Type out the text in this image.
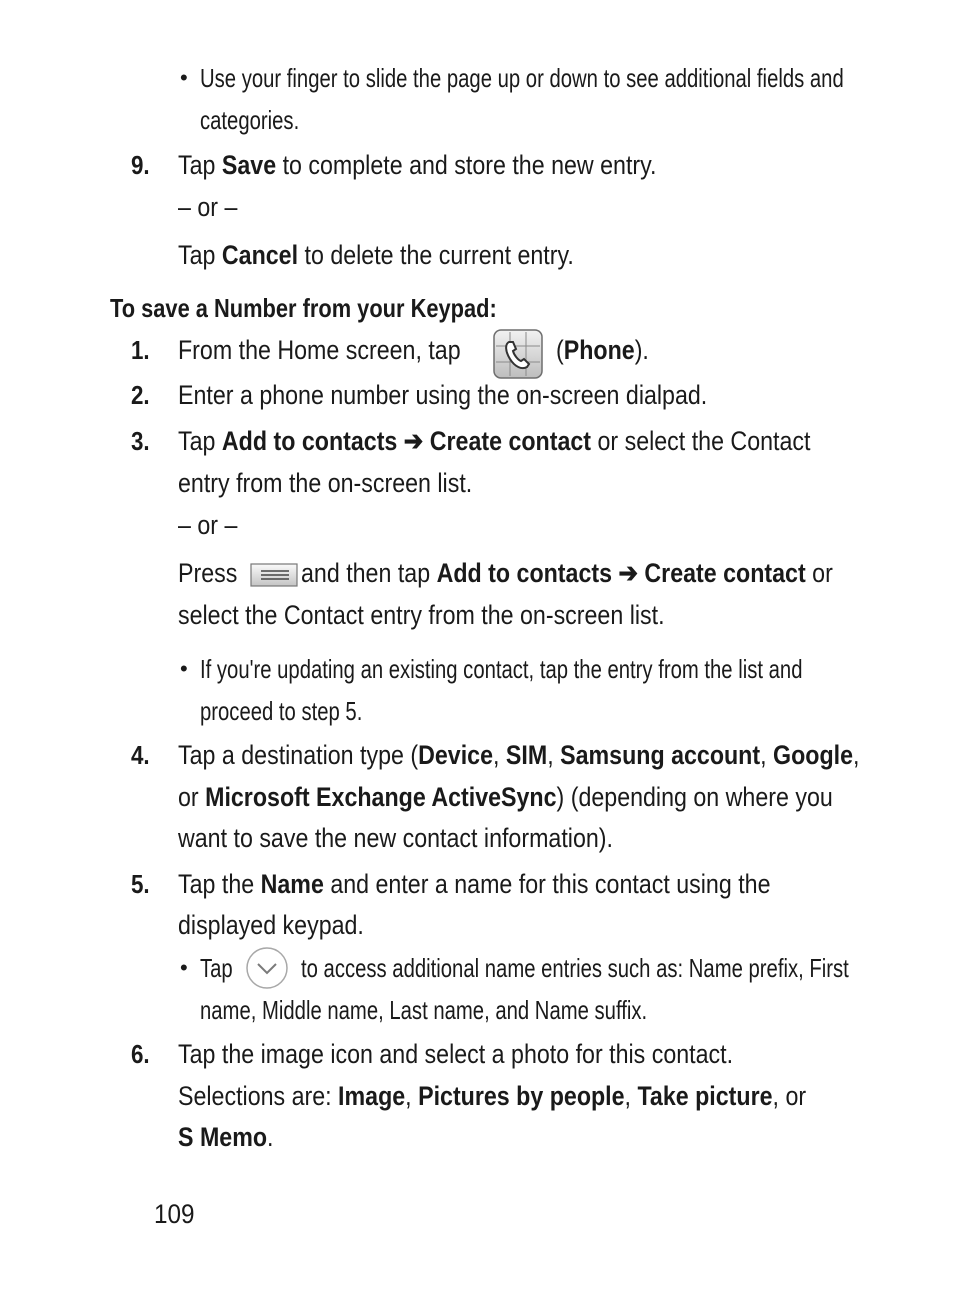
• Use your finger to slide the page up or down to see additional fields and
categories.
9. Tap Save to complete and store the new entry.
– or –
Tap Cancel to delete the current entry.
To save a Number from your Keypad:
1. From the Home screen, tap	(Phone).
2. Enter a phone number using the on-screen dialpad.
3. Tap Add to contacts ➔ Create contact or select the Contact
entry from the on-screen list.
– or –
Press and then tap Add to contacts ➔ Create contact or
select the Contact entry from the on-screen list.
• If you're updating an existing contact, tap the entry from the list and
proceed to step 5.
4. Tap a destination type (Device, SIM, Samsung account, Google,
or Microsoft Exchange ActiveSync) (depending on where you
want to save the new contact information).
5. Tap the Name and enter a name for this contact using the
displayed keypad.
• Tap	to access additional name entries such as: Name prefix, First
name, Middle name, Last name, and Name suffix.
6. Tap the image icon and select a photo for this contact.
Selections are: Image, Pictures by people, Take picture, or
S Memo.
109
